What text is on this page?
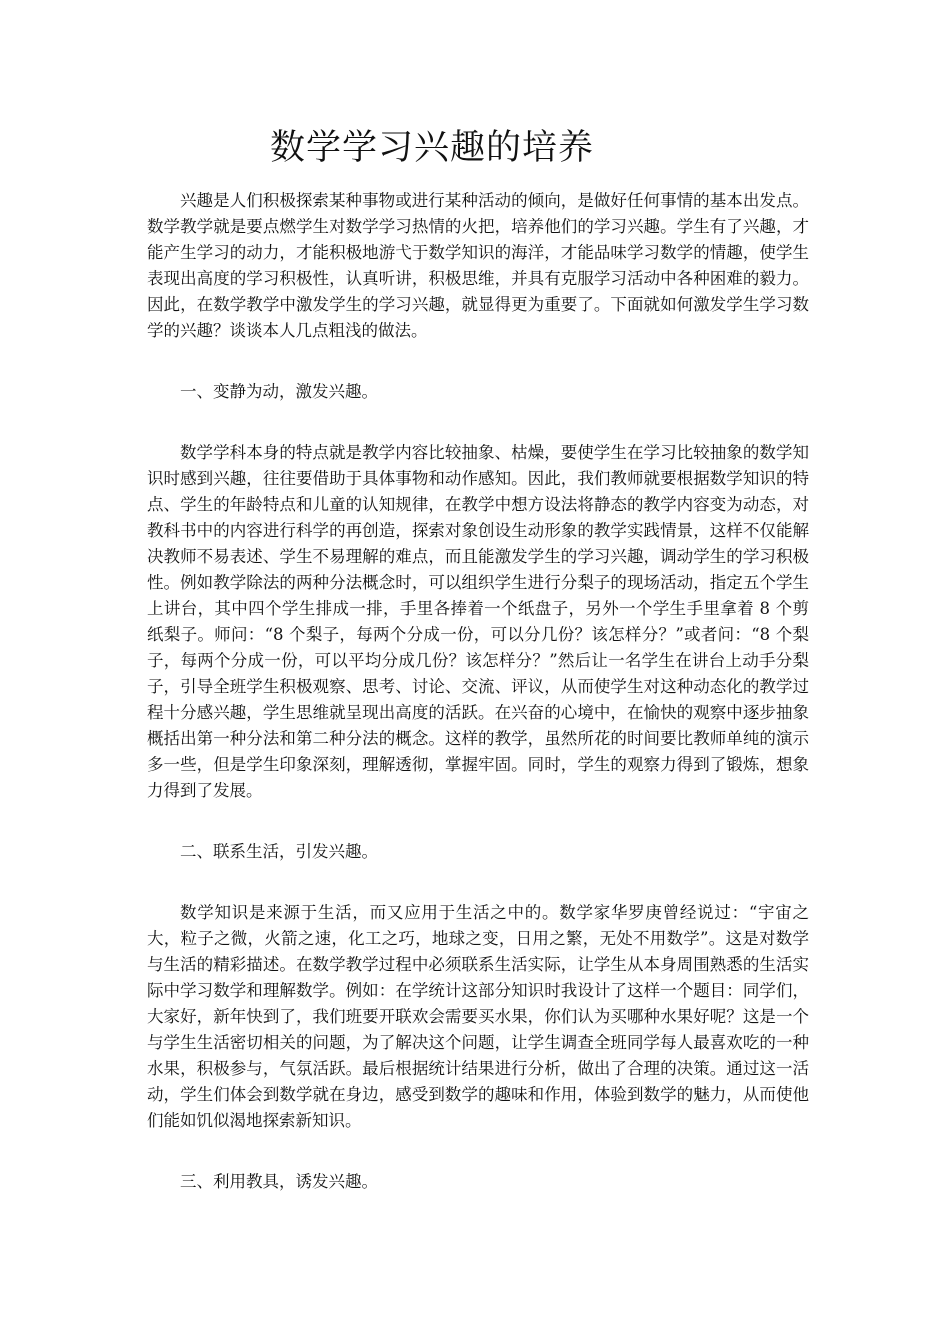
数学学习兴趣的培养

兴趣是人们积极探索某种事物或进行某种活动的倾向，是做好任何事情的基本出发点。数学教学就是要点燃学生对数学学习热情的火把，培养他们的学习兴趣。学生有了兴趣，才能产生学习的动力，才能积极地游弋于数学知识的海洋，才能品味学习数学的情趣，使学生表现出高度的学习积极性，认真听讲，积极思维，并具有克服学习活动中各种困难的毅力。因此，在数学教学中激发学生的学习兴趣，就显得更为重要了。下面就如何激发学生学习数学的兴趣？谈谈本人几点粗浅的做法。

一、变静为动，激发兴趣。

数学学科本身的特点就是教学内容比较抽象、枯燥，要使学生在学习比较抽象的数学知识时感到兴趣，往往要借助于具体事物和动作感知。因此，我们教师就要根据数学知识的特点、学生的年龄特点和儿童的认知规律，在教学中想方设法将静态的教学内容变为动态，对教科书中的内容进行科学的再创造，探索对象创设生动形象的教学实践情景，这样不仅能解决教师不易表述、学生不易理解的难点，而且能激发学生的学习兴趣，调动学生的学习积极性。例如教学除法的两种分法概念时，可以组织学生进行分梨子的现场活动，指定五个学生上讲台，其中四个学生排成一排，手里各捧着一个纸盘子，另外一个学生手里拿着 8 个剪纸梨子。师问：“8 个梨子，每两个分成一份，可以分几份？该怎样分？”或者问：“8 个梨子，每两个分成一份，可以平均分成几份？该怎样分？”然后让一名学生在讲台上动手分梨子，引导全班学生积极观察、思考、讨论、交流、评议，从而使学生对这种动态化的教学过程十分感兴趣，学生思维就呈现出高度的活跃。在兴奋的心境中，在愉快的观察中逐步抽象概括出第一种分法和第二种分法的概念。这样的教学，虽然所花的时间要比教师单纯的演示多一些，但是学生印象深刻，理解透彻，掌握牢固。同时，学生的观察力得到了锻炼，想象力得到了发展。

二、联系生活，引发兴趣。

数学知识是来源于生活，而又应用于生活之中的。数学家华罗庚曾经说过：“宇宙之大，粒子之微，火箭之速，化工之巧，地球之变，日用之繁，无处不用数学”。这是对数学与生活的精彩描述。在数学教学过程中必须联系生活实际，让学生从本身周围熟悉的生活实际中学习数学和理解数学。例如：在学统计这部分知识时我设计了这样一个题目：同学们，大家好，新年快到了，我们班要开联欢会需要买水果，你们认为买哪种水果好呢？这是一个与学生生活密切相关的问题，为了解决这个问题，让学生调查全班同学每人最喜欢吃的一种水果，积极参与，气氛活跃。最后根据统计结果进行分析，做出了合理的决策。通过这一活动，学生们体会到数学就在身边，感受到数学的趣味和作用，体验到数学的魅力，从而使他们能如饥似渴地探索新知识。

三、利用教具，诱发兴趣。
